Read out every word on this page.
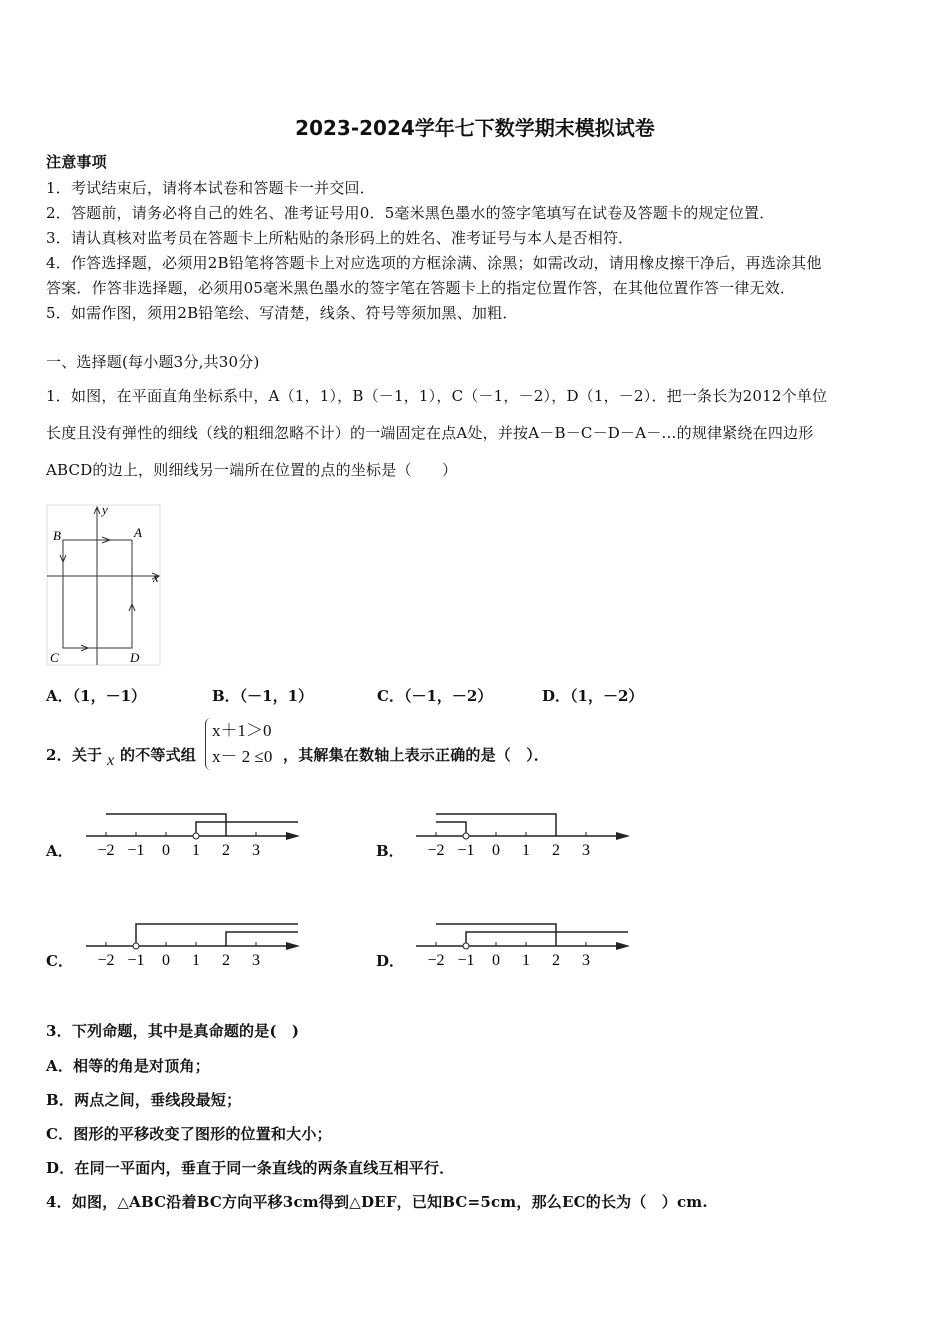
2023-2024学年七下数学期末模拟试卷
注意事项
1．考试结束后，请将本试卷和答题卡一并交回．
2．答题前，请务必将自己的姓名、准考证号用0．5毫米黑色墨水的签字笔填写在试卷及答题卡的规定位置．
3．请认真核对监考员在答题卡上所粘贴的条形码上的姓名、准考证号与本人是否相符．
4．作答选择题，必须用2B铅笔将答题卡上对应选项的方框涂满、涂黑；如需改动，请用橡皮擦干净后，再选涂其他
答案．作答非选择题，必须用05毫米黑色墨水的签字笔在答题卡上的指定位置作答，在其他位置作答一律无效．
5．如需作图，须用2B铅笔绘、写清楚，线条、符号等须加黑、加粗．
一、选择题(每小题3分,共30分)
1．如图，在平面直角坐标系中，A（1，1），B（－1，1），C（－1，－2），D（1，－2）．把一条长为2012个单位
长度且没有弹性的细线（线的粗细忽略不计）的一端固定在点A处，并按A－B－C－D－A－…的规律紧绕在四边形
ABCD的边上，则细线另一端所在位置的点的坐标是（　　）
A
B
C	D
x
y
A．（1，－1）	B．（－1，1）	C．（－1，－2）	D．（1，－2）
2．关于 x 的不等式组
x＋1＞0
x－ 2 ≤0 ，其解集在数轴上表示正确的是（　）．
A． −2 −1 0 1 2 3	B． −2 −1 0 1 2 3
C． −2 −1 0 1 2 3	D． −2 −1 0 1 2 3
3．下列命题，其中是真命题的是(　)
A．相等的角是对顶角；
B．两点之间，垂线段最短；
C．图形的平移改变了图形的位置和大小；
D．在同一平面内，垂直于同一条直线的两条直线互相平行．
4．如图，△ABC沿着BC方向平移3cm得到△DEF，已知BC=5cm，那么EC的长为（　）cm.
